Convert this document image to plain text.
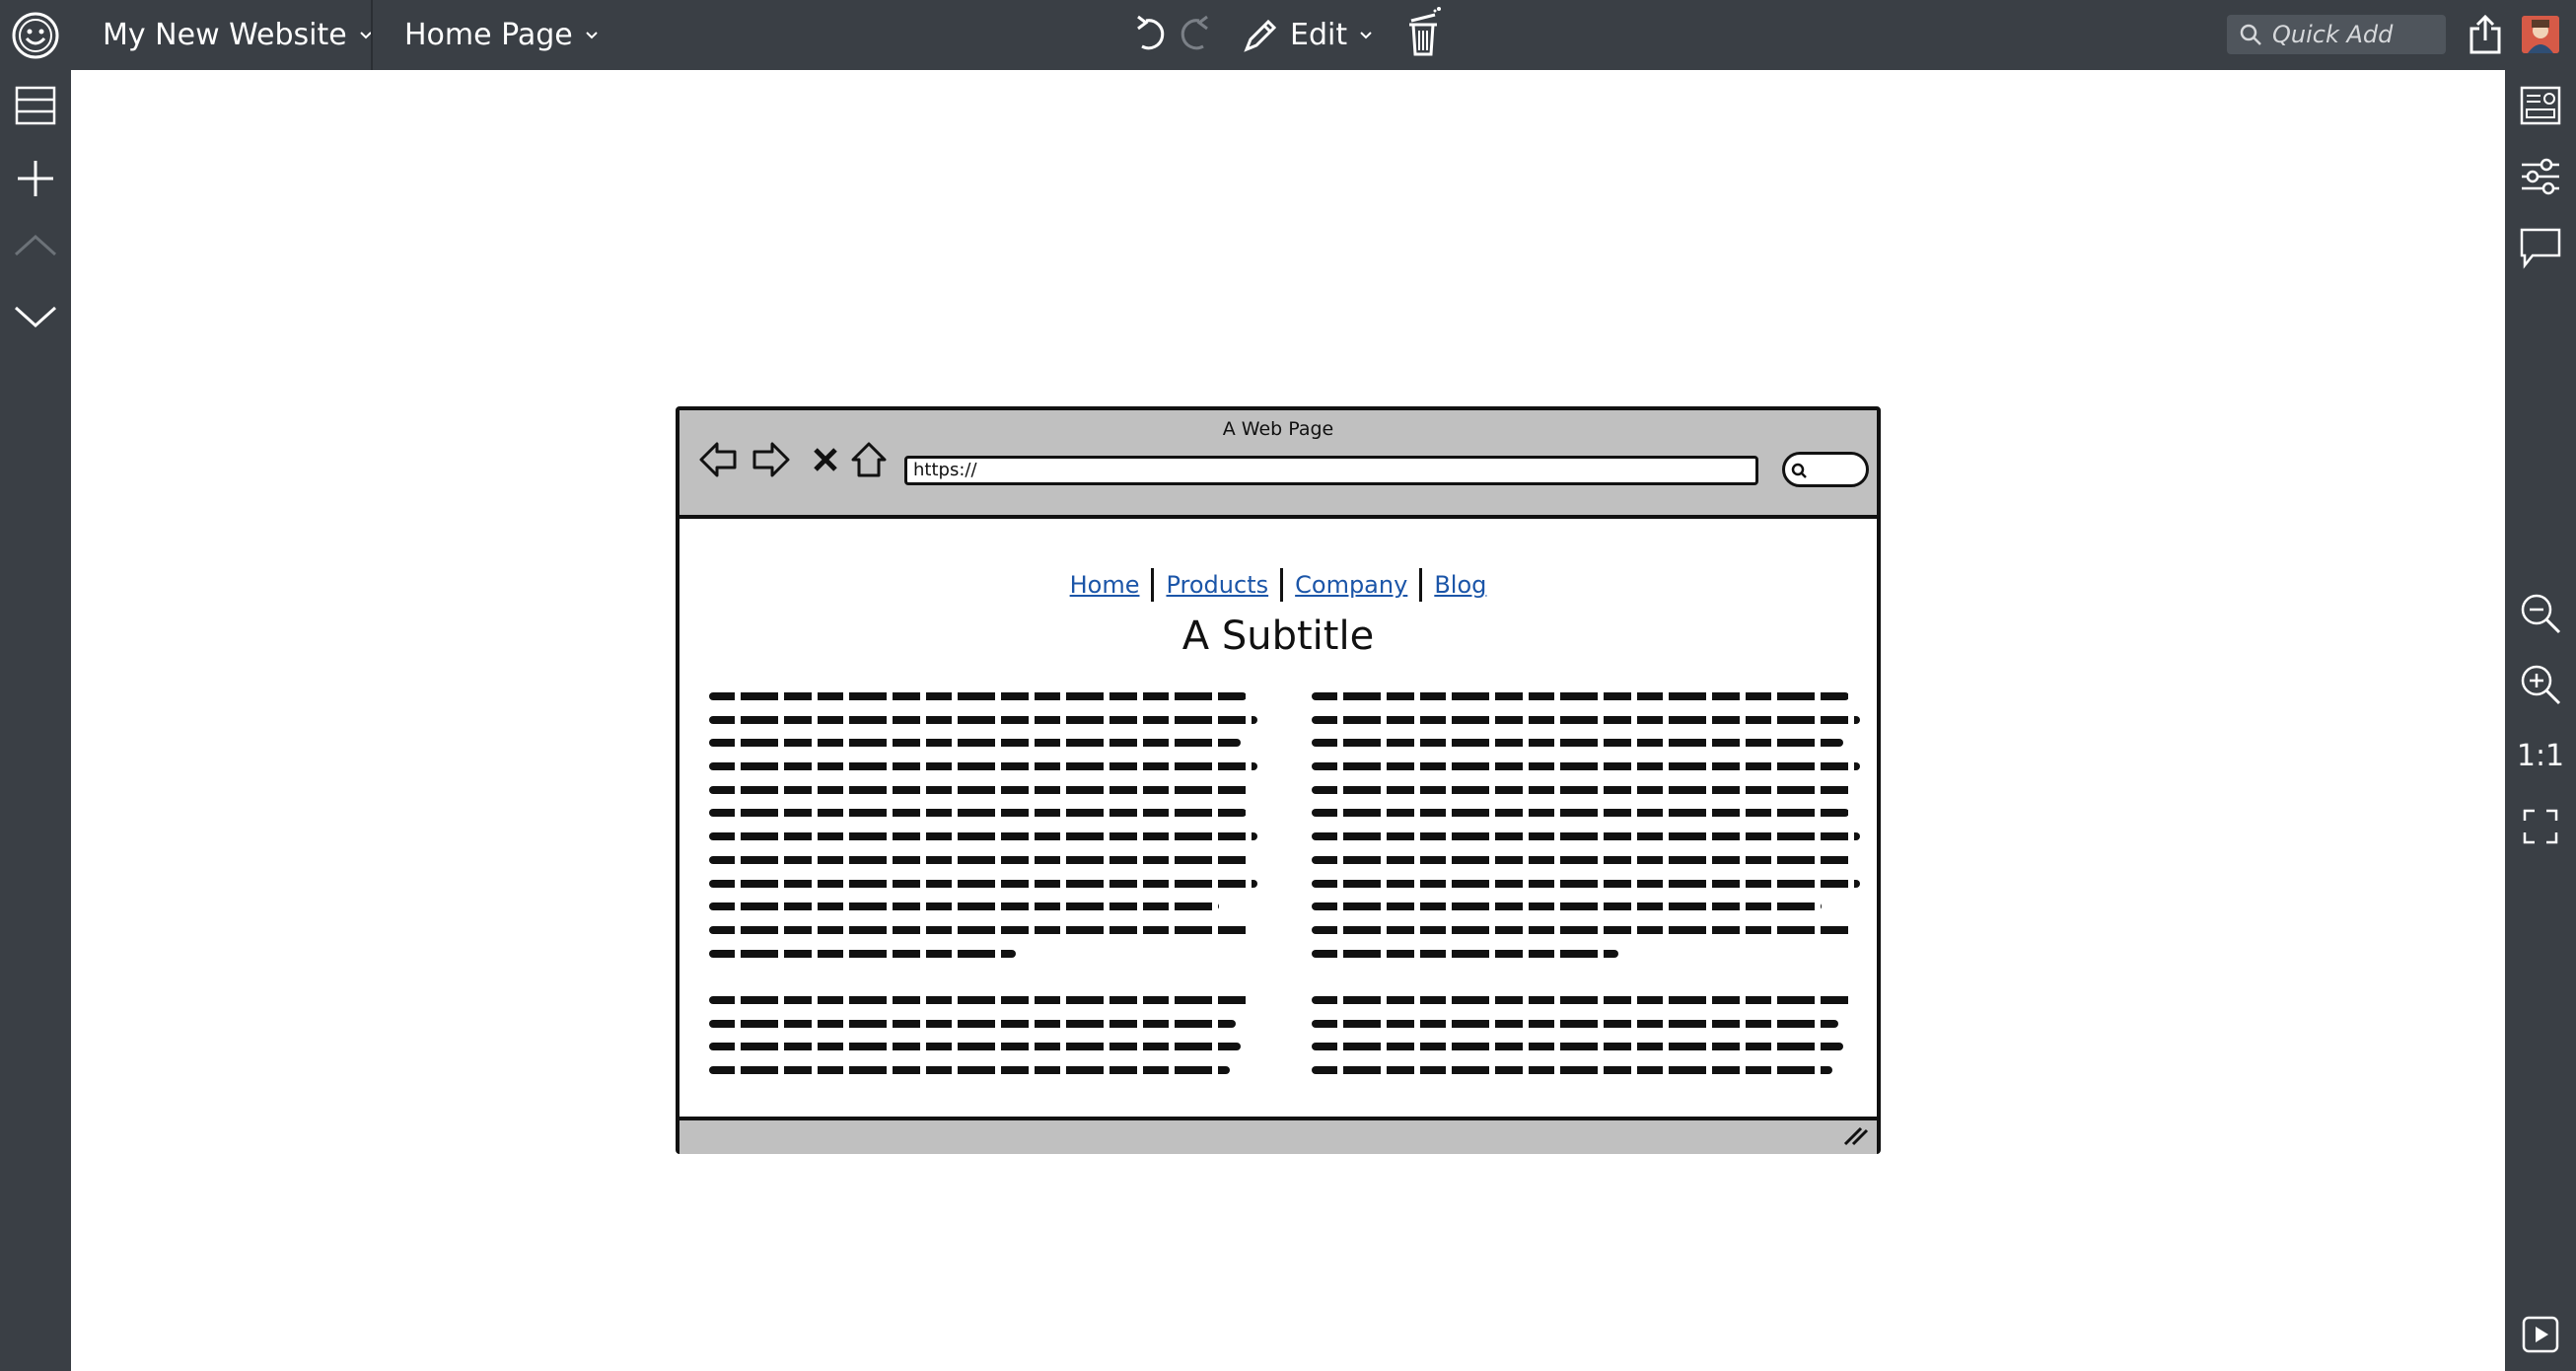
My New Website Home Page	Edit	Quick Add
1:1
A Web Page
https://
Home	Products	Company	Blog
A Subtitle
